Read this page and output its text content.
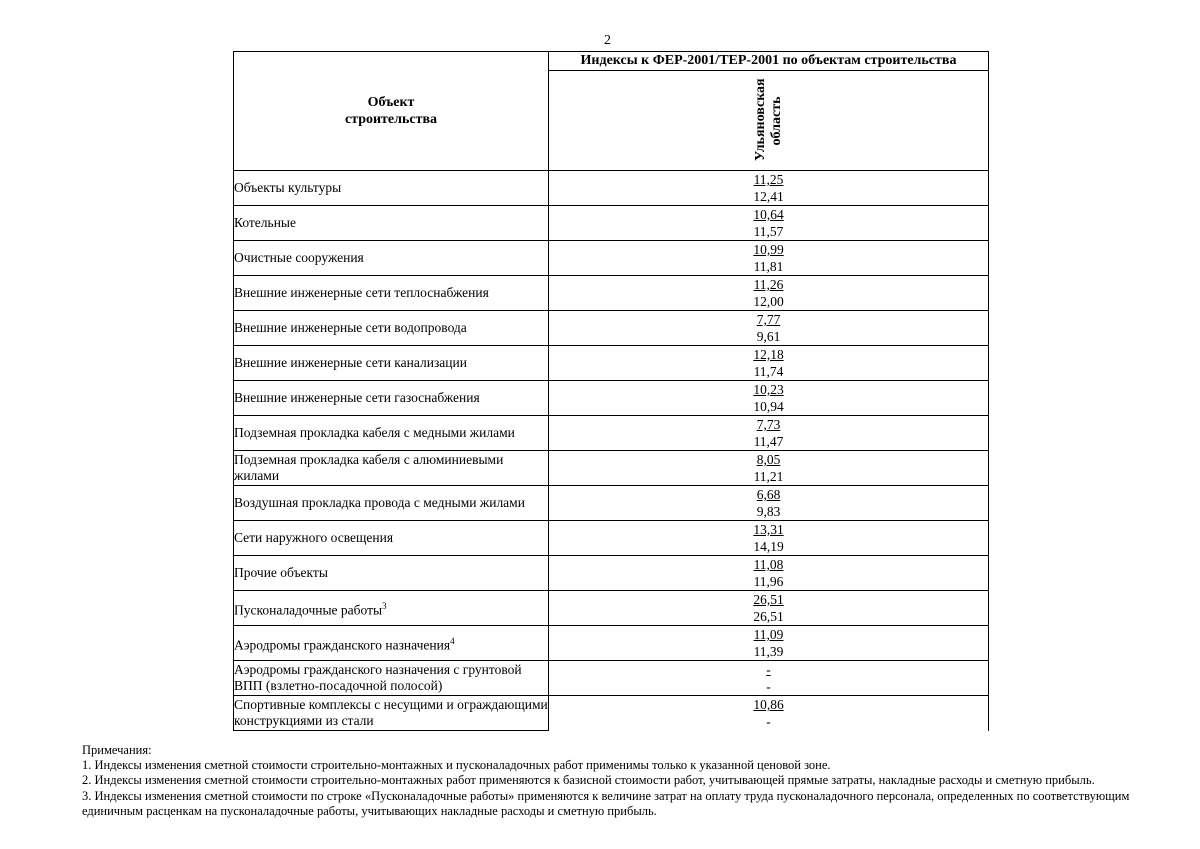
2
Объект строительства	Индексы к ФЕР-2001/ТЕР-2001 по объектам строительства

	Ульяновская область

Объекты культуры	11,25
12,41

Котельные	10,64
11,57

Очистные сооружения	10,99
11,81

Внешние инженерные сети теплоснабжения	11,26
12,00

Внешние инженерные сети водопровода	7,77
9,61

Внешние инженерные сети канализации	12,18
11,74

Внешние инженерные сети газоснабжения	10,23
10,94

Подземная прокладка кабеля с медными жилами	7,73
11,47

Подземная прокладка кабеля с алюминиевыми жилами	8,05
11,21

Воздушная прокладка провода с медными жилами	6,68
9,83

Сети наружного освещения	13,31
14,19

Прочие объекты	11,08
11,96

Пусконаладочные работы$^3$	26,51
26,51

Аэродромы гражданского назначения$^4$	11,09
11,39

Аэродромы гражданского назначения с грунтовой ВПП (взлетно-посадочной полосой)	-
-

Спортивные комплексы с несущими и ограждающими конструкциями из стали	10,86
-

Примечания:

1. Индексы изменения сметной стоимости строительно-монтажных и пусконаладочных работ применимы только к указанной ценовой зоне.

2. Индексы изменения сметной стоимости строительно-монтажных работ применяются к базисной стоимости работ, учитывающей прямые затраты, накладные расходы и сметную прибыль.

3. Индексы изменения сметной стоимости по строке «Пусконаладочные работы» применяются к величине затрат на оплату труда пусконаладочного персонала, определенных по соответствующим единичным расценкам на пусконаладочные работы, учитывающих накладные расходы и сметную прибыль.
